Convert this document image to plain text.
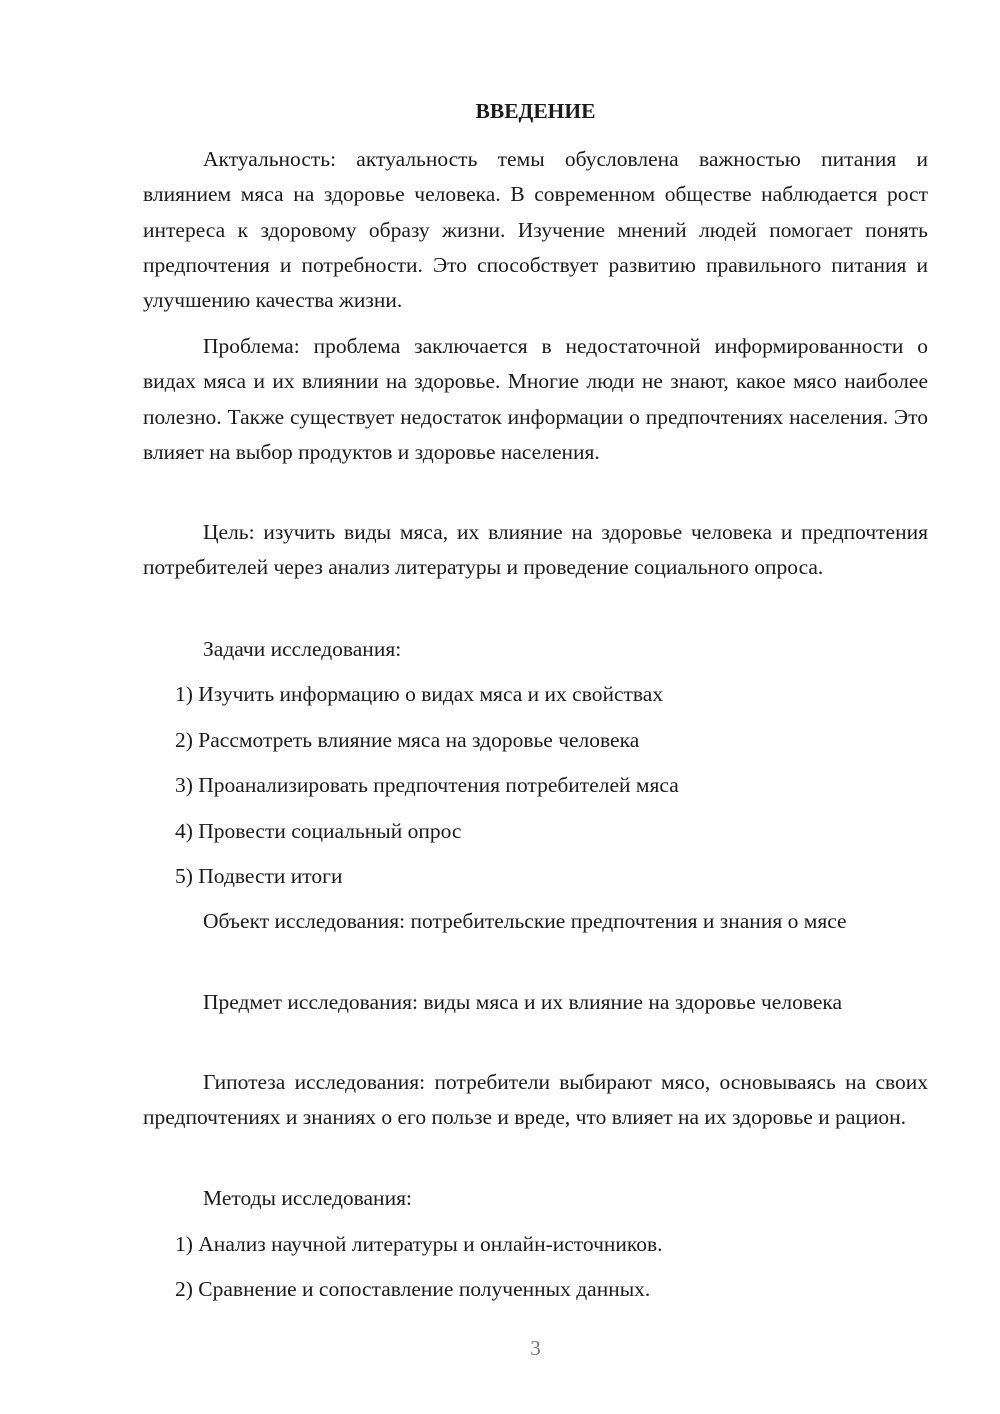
ВВЕДЕНИЕ

Актуальность: актуальность темы обусловлена важностью питания и влиянием мяса на здоровье человека. В современном обществе наблюдается рост интереса к здоровому образу жизни. Изучение мнений людей помогает понять предпочтения и потребности. Это способствует развитию правильного питания и улучшению качества жизни.

Проблема: проблема заключается в недостаточной информированности о видах мяса и их влиянии на здоровье. Многие люди не знают, какое мясо наиболее полезно. Также существует недостаток информации о предпочтениях населения. Это влияет на выбор продуктов и здоровье населения.

Цель: изучить виды мяса, их влияние на здоровье человека и предпочтения потребителей через анализ литературы и проведение социального опроса.

Задачи исследования:

1) Изучить информацию о видах мяса и их свойствах

2) Рассмотреть влияние мяса на здоровье человека

3) Проанализировать предпочтения потребителей мяса

4) Провести социальный опрос

5) Подвести итоги

Объект исследования: потребительские предпочтения и знания о мясе

Предмет исследования: виды мяса и их влияние на здоровье человека

Гипотеза исследования: потребители выбирают мясо, основываясь на своих предпочтениях и знаниях о его пользе и вреде, что влияет на их здоровье и рацион.

Методы исследования:

1) Анализ научной литературы и онлайн-источников.

2) Сравнение и сопоставление полученных данных.

3
